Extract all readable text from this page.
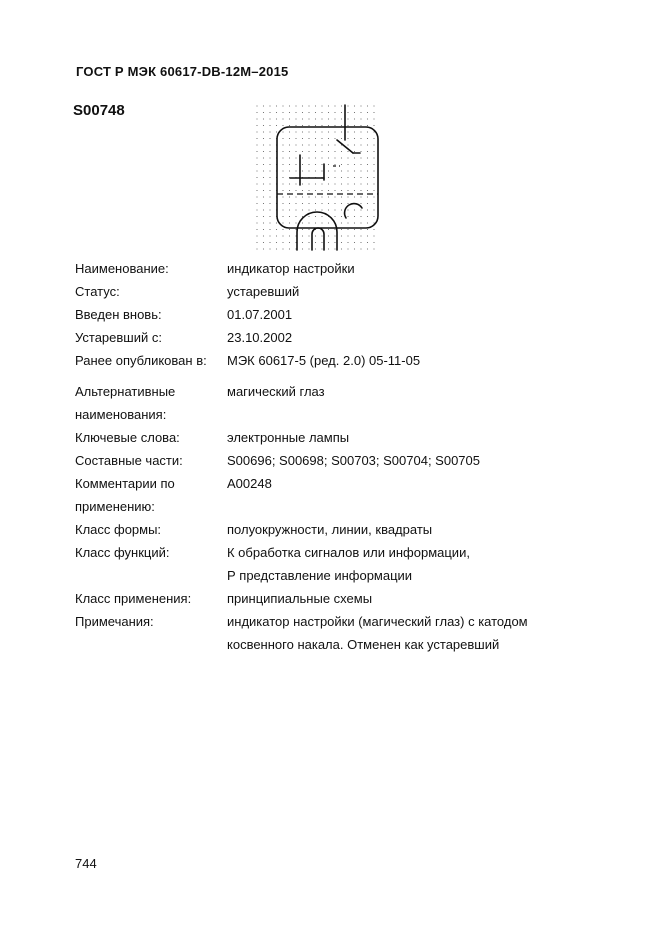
ГОСТ Р МЭК 60617-DB-12M–2015
S00748
Наименование:	индикатор настройки

Статус:	устаревший

Введен вновь:	01.07.2001

Устаревший с:	23.10.2002

Ранее опубликован в:	МЭК 60617-5 (ред. 2.0) 05-11-05

Альтернативные
наименования:	магический глаз

Ключевые слова:	электронные лампы

Составные части:	S00696; S00698; S00703; S00704; S00705

Комментарии по
применению:	A00248

Класс формы:	полуокружности, линии, квадраты

Класс функций:	К обработка сигналов или информации,
Р представление информации

Класс применения:	принципиальные схемы

Примечания:	индикатор настройки (магический глаз) с катодом
косвенного накала. Отменен как устаревший
744
